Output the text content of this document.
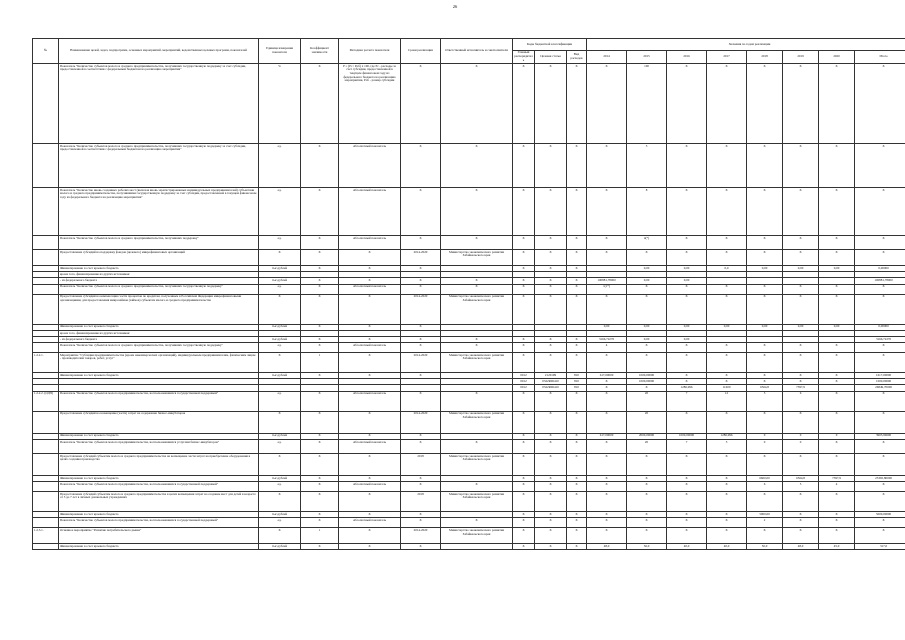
26
№	Наименование целей, задач, подпрограмм, основных мероприятий, мероприятий, ведомственных целевых программ, показателей	Единица измерения показателя	Коэффициент значимости	Методика расчета показателя	Сроки реализации	Ответственный исполнитель и соисполнители	Коды бюджетной классификации			Значения по годам реализации							
							Главный распорядитель	Целевая статья	Вид расходов	2014	2015	2016	2017	2018	2019	2020	Итого
	Показатель "Количество субъектов малого и среднего предпринимательства, получивших государственную поддержку за счет субсидии, предоставленной в соответствии с федеральным бюджетом на реализацию мероприятия"	%	X	P = (Pc / Pоб) х 100, где Pc - расходы за счет субсидии, предоставленной в текущем финансовом году из федерального бюджета на реализацию мероприятия, Pоб - размер субсидии	X	X	X	X	X	X	100	X	X	X	X	X	X
	Показатель "Количество субъектов малого и среднего предпринимательства, получивших государственную поддержку за счет субсидии, предоставленной в соответствии с федеральным бюджетом на реализацию мероприятия"	ед.	X	Абсолютный показатель	X	X	X	X	X	X	5	X	X	X	X	X	X
	Показатель "Количество вновь созданных рабочих мест (включая вновь зарегистрированных индивидуальных предпринимателей) субъектами малого и среднего предпринимательства, получившими государственную поддержку за счет субсидии, предоставленной в текущем финансовом году из федерального бюджета на реализацию мероприятия"	ед.	X	Абсолютный показатель	X	X	X	X	X	X	8	X	X	X	X	X	X
	Показатель "Количество субъектов малого и среднего предпринимательства, получивших поддержку"	ед.	X	Абсолютный показатель	X	X	X	X	X	X	4(*)	X	X	X	X	X	X
	Предоставление субсидий на поддержку фондов (целевого) микрофинансовых организаций	X	X	X	2014-2020	Министерство экономического развития Забайкальского края	X	X	X	X	X	X	X	X	X	X	X
	Финансирование за счет краевого бюджета	тыс.рублей	X	X	X		X	X	X		0,00	0,00	0,0	0,00	0,00	0,00	0,00000
	кроме того, финансирование из других источников:																
	- из федерального бюджета	тыс.рублей	X	X	X	X	X	X	X	100881,78000	0,00	0,00					100881,78000
	Показатель "Количество субъектов малого и среднего предпринимательства, получивших государственную поддержку"	ед.	X	Абсолютный показатель	X	X	X	X	X	1(1*)	X	X	X	X	X	X	X
	Предоставление субсидий на компенсацию части процентов по кредитам, полученным в Российской Федерации микрофинансовыми организациями, для предоставления микрозаймов (займов) субъектам малого и среднего предпринимательства	X	X	X	2014-2020	Министерство экономического развития Забайкальского края	X	X	X	X	X	X	X	X	X	X	X
	Финансирование за счет краевого бюджета	тыс.рублей	X	X	X					0,00	0,00	0,00	0,00	0,00	0,00	0,00	0,00000
	кроме того, финансирование из других источников:																
	- из федерального бюджета	тыс.рублей	X	X	X	X	X	X	X	3166,72270	0,00	0,00					3166,72270
	Показатель "Количество субъектов малого и среднего предпринимательства, получивших государственную поддержку"	ед.	X	Абсолютный показатель	X	X	X	X	X	4	X	X	X	X	X	X	X
1.2.2.1.	Мероприятие "Субсидии предпринимательства (кроме некоммерческих организаций), индивидуальным предпринимателям, физическим лицам - производителям товаров, работ, услуг"	X	1	X	2014-2020	Министерство экономического развития Забайкальского края	X	X	X	X	X	X	X	X	X	X	X
	Финансирование за счет краевого бюджета	тыс.рублей	X	X	X		0012	2120199	810	617,00000	1000,00000	X	X	X	X	X	1617,00000
							0012	0322R06410	810	X	1000,00000	X	X	X	X	X	1000,00000
							0012	0322R06410	810	X	X	1286,996	11600	6564,8	7397,9		26849,70000
1.2.2.2. (ОДЧ)	Показатель "Количество субъектов малого предпринимательства, воспользовавшихся государственной поддержкой"	ед.	X	Абсолютный показатель	X	X	X	X	X	X	20	7	12	5	6	X	X
	Предоставление субсидий на возмещение (части) затрат на содержание бизнес-инкубаторов	X	X	X	2014-2020	Министерство экономического развития Забайкальского края	X	X	X	X	20	X	X	X	X	X	X
	Финансирование за счет краевого бюджета	тыс.рублей	X	X	X		X	X	X	617,00000	2000,00000	1000,00000	1286,996	0	0	0	3903,99600
	Показатель "Количество субъектов малого предпринимательства, воспользовавшихся услугами бизнес-инкубаторов"	ед.	X	Абсолютный показатель	X	X	X	X	X	X	20	7	5	0	0	X	X
	Предоставление субсидий субъектам малого и среднего предпринимательства на возмещение части затрат на приобретение оборудования в целях создания производства	X	X	X	2018	Министерство экономического развития Забайкальского края	X	X	X	X	X	X	X	X	X	X	X
	Финансирование за счет краевого бюджета	тыс.рублей	X	X	X		X	X	X	X	X	X	X	6600,00	6564,8	7397,9	23365,80000
	Показатель "Количество субъектов малого предпринимательства, воспользовавшихся государственной поддержкой"	ед.	X	Абсолютный показатель	X	X	X	X	X	X	X	X	X	6	5	4	X
	Предоставление субсидий субъектам малого и среднего предпринимательства в целях возмещения затрат на создание мест для детей в возрасте от 3 до 7 лет в личных дошкольных учреждениях	X	X	X	2018	Министерство экономического развития Забайкальского края	X	X	X	X	X	X	X	X	X	X	X
	Финансирование за счет краевого бюджета	тыс.рублей	X	X	X		X	X	X	X	X	X	X	5000,00	X	X	5000,00000
	Показатель "Количество субъектов малого предпринимательства, воспользовавшихся государственной поддержкой"	ед.	X	Абсолютный показатель	X	X	X	X	X	X	X	X	X	2	X	X	X
1.2.3.1.	Основное мероприятие "Развитие потребительского рынка"	X	1	X	2014-2020	Министерство экономического развития Забайкальского края	X	X	X	X	X	X	X	X	X	X	X
	Финансирование за счет краевого бюджета	тыс.рублей	X	X	X		X	X	X	48,0	36,0	40,0	40,0	50,0	48,0	45,0	317,0
